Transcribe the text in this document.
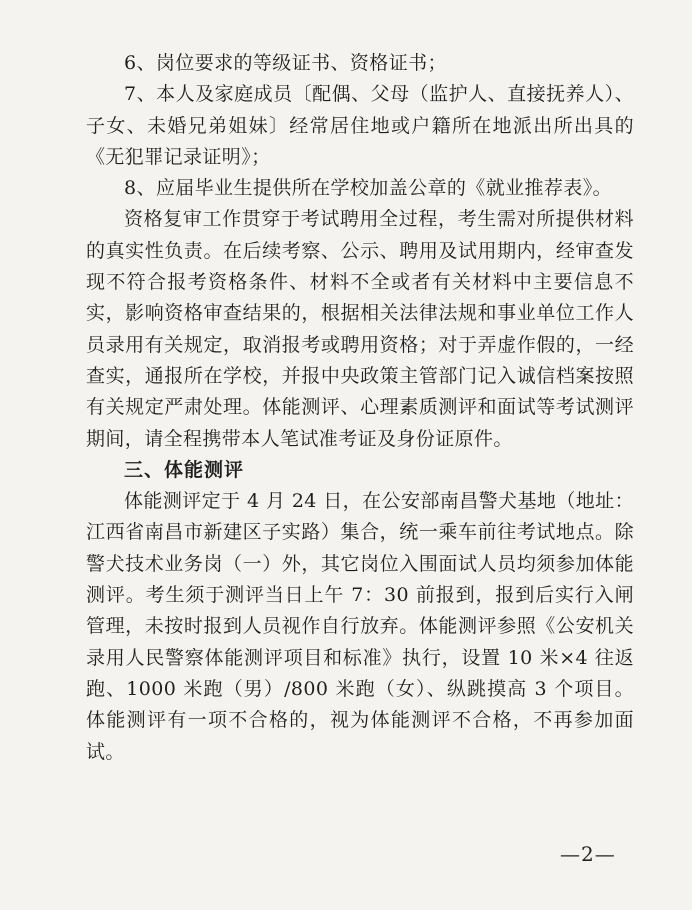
6、岗位要求的等级证书、资格证书；

7、本人及家庭成员〔配偶、父母（监护人、直接抚养人）、子女、未婚兄弟姐妹〕经常居住地或户籍所在地派出所出具的《无犯罪记录证明》；

8、应届毕业生提供所在学校加盖公章的《就业推荐表》。

资格复审工作贯穿于考试聘用全过程，考生需对所提供材料的真实性负责。在后续考察、公示、聘用及试用期内，经审查发现不符合报考资格条件、材料不全或者有关材料中主要信息不实，影响资格审查结果的，根据相关法律法规和事业单位工作人员录用有关规定，取消报考或聘用资格；对于弄虚作假的，一经查实，通报所在学校，并报中央政策主管部门记入诚信档案按照有关规定严肃处理。体能测评、心理素质测评和面试等考试测评期间，请全程携带本人笔试准考证及身份证原件。

三、体能测评

体能测评定于 4 月 24 日，在公安部南昌警犬基地（地址：江西省南昌市新建区子实路）集合，统一乘车前往考试地点。除警犬技术业务岗（一）外，其它岗位入围面试人员均须参加体能测评。考生须于测评当日上午 7：30 前报到，报到后实行入闸管理，未按时报到人员视作自行放弃。体能测评参照《公安机关录用人民警察体能测评项目和标准》执行，设置 10 米×4 往返跑、1000 米跑（男）/800 米跑（女）、纵跳摸高 3 个项目。体能测评有一项不合格的，视为体能测评不合格，不再参加面试。

—2—
